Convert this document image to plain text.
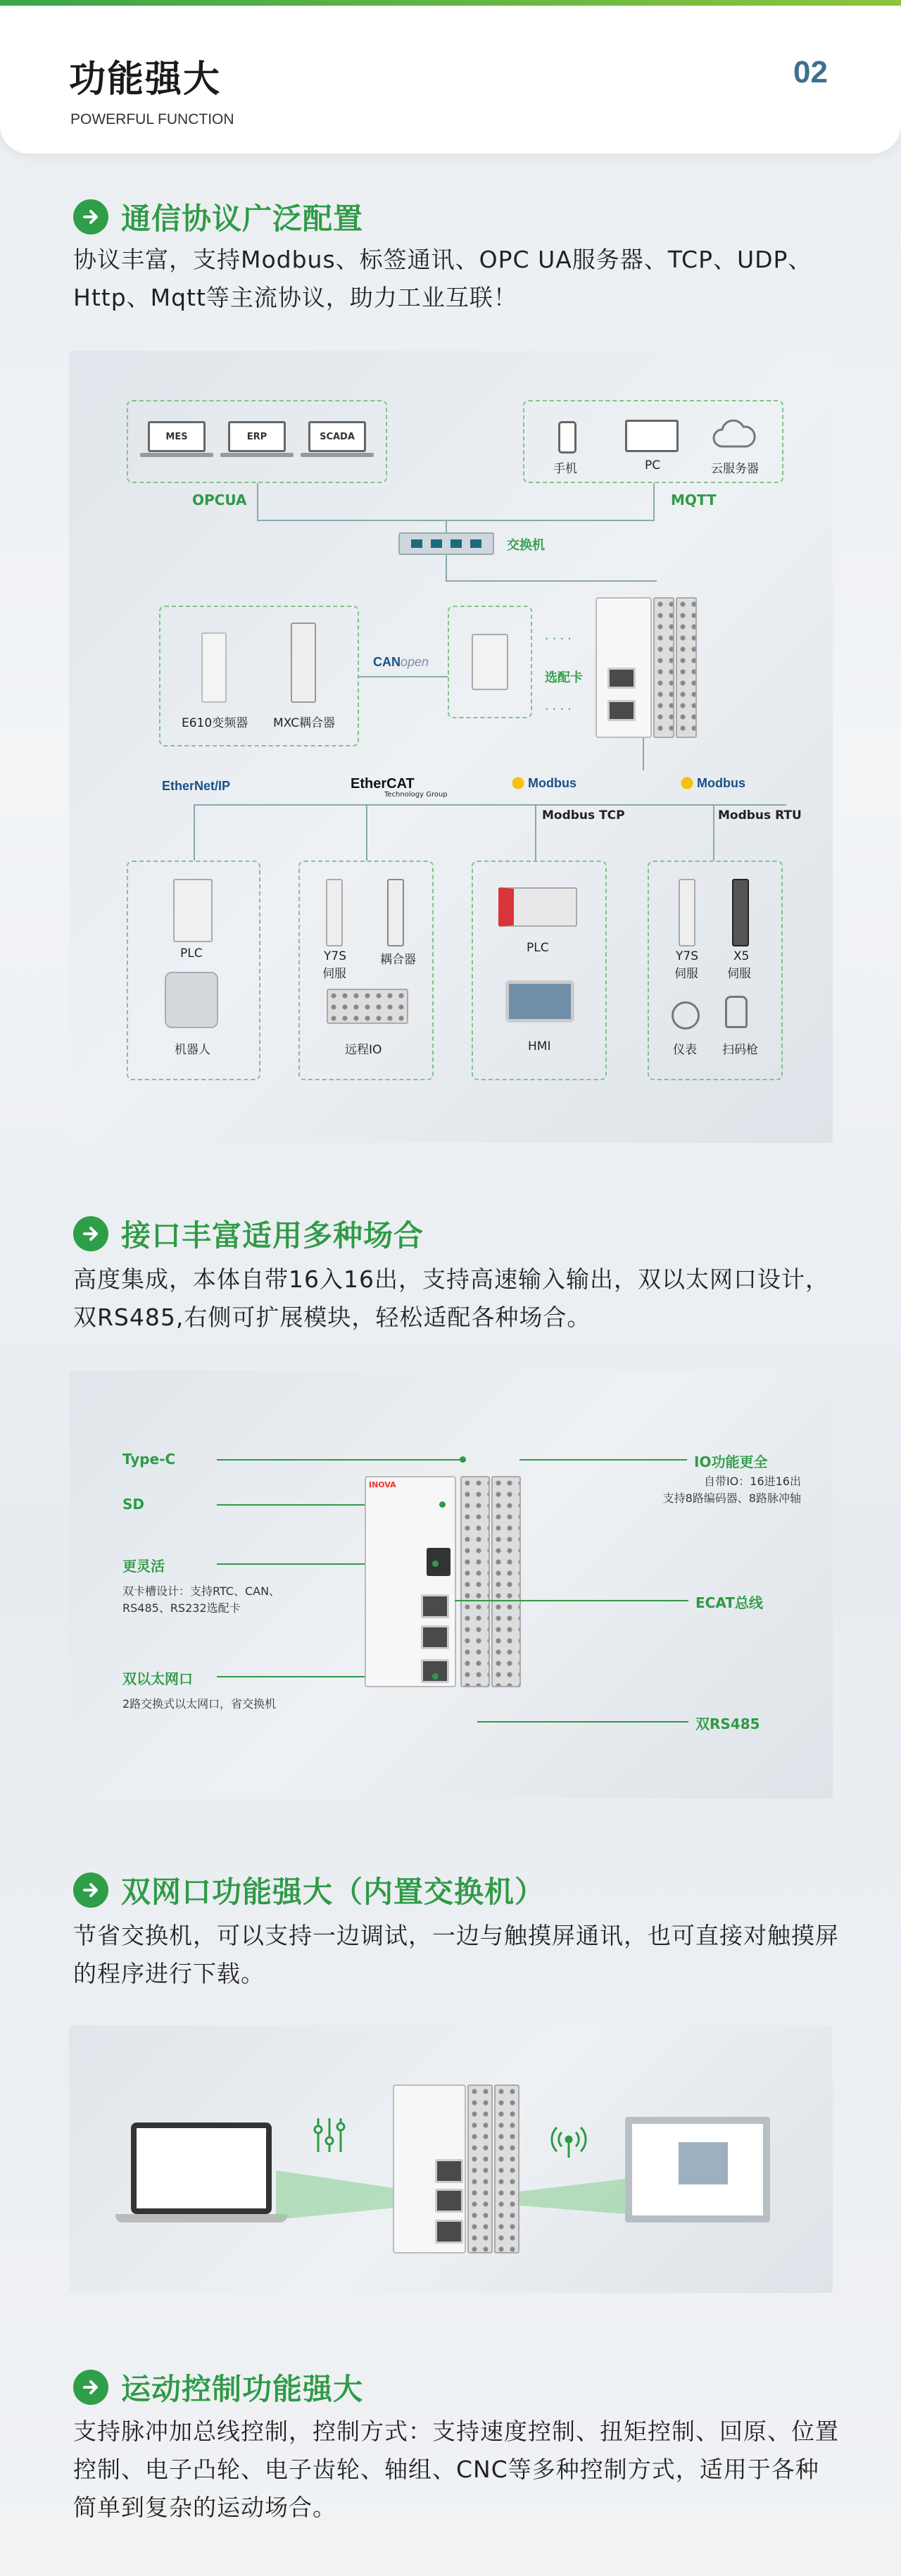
功能强大
POWERFUL FUNCTION
02
通信协议广泛配置
协议丰富，支持Modbus、标签通讯、OPC UA服务器、TCP、UDP、Http、Mqtt等主流协议，助力工业互联！
MES	ERP	SCADA
手机	PC	云服务器
OPCUA	MQTT
交换机
E610变频器 MXC耦合器
CANopen
选配卡
· · · ·
· · · ·
EtherNet/IP	EtherCAT
Technology Group
Modbus	Modbus
Modbus TCP	Modbus RTU
PLC
机器人
Y7S
伺服
耦合器
远程IO
PLC
HMI
Y7S
伺服
X5
伺服
仪表 扫码枪
接口丰富适用多种场合
高度集成，本体自带16入16出，支持高速输入输出，双以太网口设计，双RS485,右侧可扩展模块，轻松适配各种场合。
Type-C
SD
更灵活
双卡槽设计：支持RTC、CAN、RS485、RS232选配卡
双以太网口
2路交换式以太网口，省交换机
INOVA
IO功能更全
自带IO：16进16出
支持8路编码器、8路脉冲轴
ECAT总线
双RS485
双网口功能强大（内置交换机）
节省交换机，可以支持一边调试，一边与触摸屏通讯，也可直接对触摸屏的程序进行下载。
运动控制功能强大
支持脉冲加总线控制，控制方式：支持速度控制、扭矩控制、回原、位置控制、电子凸轮、电子齿轮、轴组、CNC等多种控制方式，适用于各种简单到复杂的运动场合。
